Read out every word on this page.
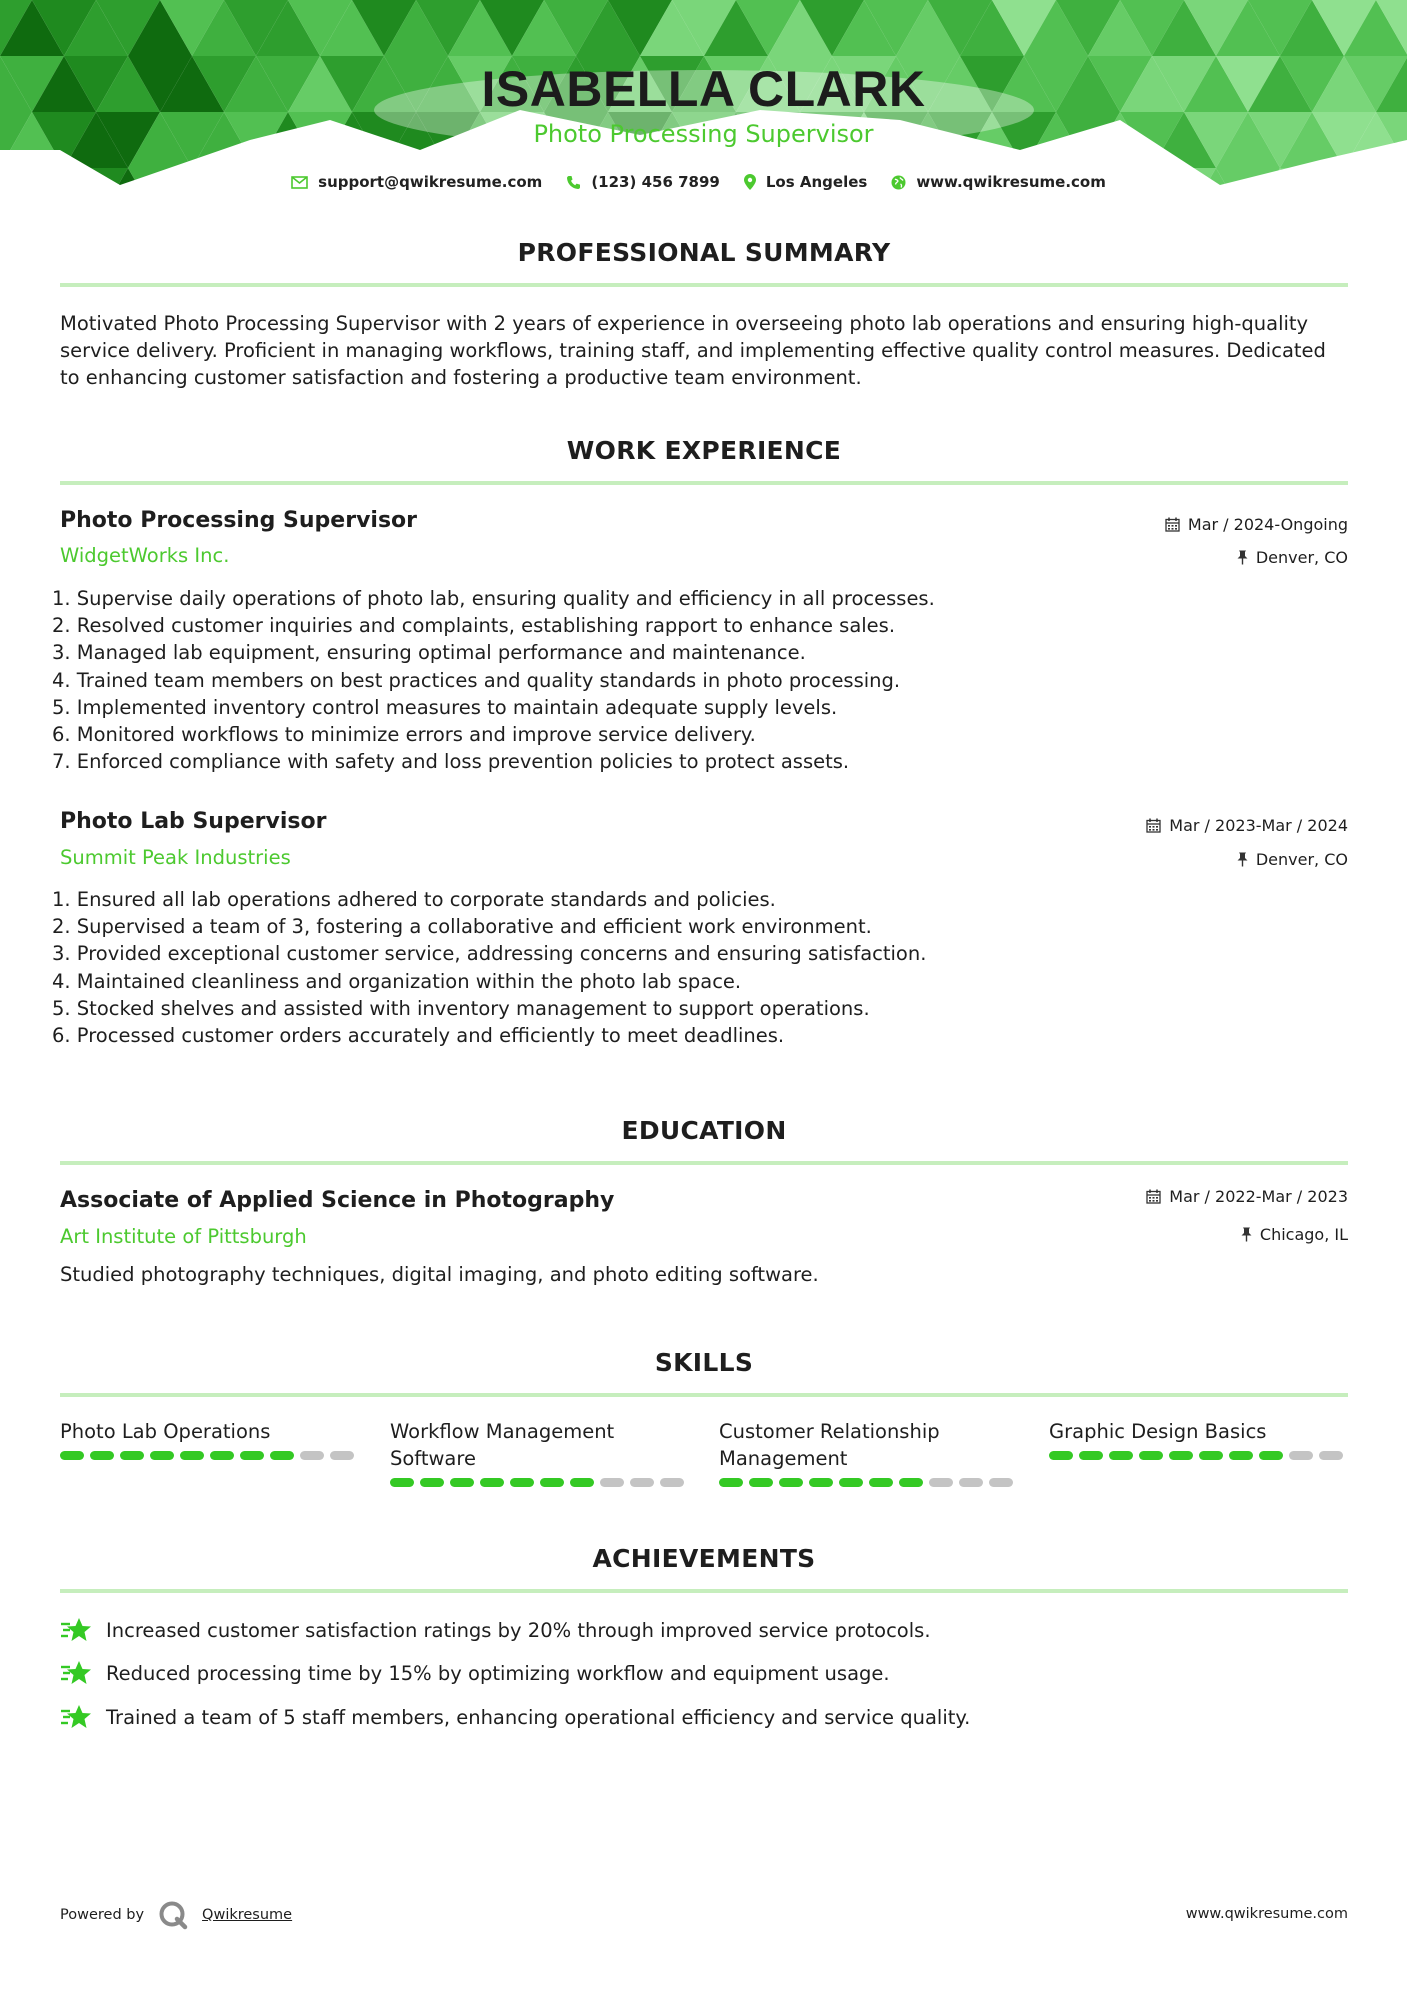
ISABELLA CLARK
Photo Processing Supervisor
support@qwikresume.com	(123) 456 7899	Los Angeles	www.qwikresume.com
PROFESSIONAL SUMMARY
Motivated Photo Processing Supervisor with 2 years of experience in overseeing photo lab operations and ensuring high-quality service delivery. Proficient in managing workflows, training staff, and implementing effective quality control measures. Dedicated to enhancing customer satisfaction and fostering a productive team environment.
WORK EXPERIENCE
Photo Processing Supervisor
WidgetWorks Inc.
Mar / 2024-Ongoing
Denver, CO
1. Supervise daily operations of photo lab, ensuring quality and efficiency in all processes.
2. Resolved customer inquiries and complaints, establishing rapport to enhance sales.
3. Managed lab equipment, ensuring optimal performance and maintenance.
4. Trained team members on best practices and quality standards in photo processing.
5. Implemented inventory control measures to maintain adequate supply levels.
6. Monitored workflows to minimize errors and improve service delivery.
7. Enforced compliance with safety and loss prevention policies to protect assets.
Photo Lab Supervisor
Summit Peak Industries
Mar / 2023-Mar / 2024
Denver, CO
1. Ensured all lab operations adhered to corporate standards and policies.
2. Supervised a team of 3, fostering a collaborative and efficient work environment.
3. Provided exceptional customer service, addressing concerns and ensuring satisfaction.
4. Maintained cleanliness and organization within the photo lab space.
5. Stocked shelves and assisted with inventory management to support operations.
6. Processed customer orders accurately and efficiently to meet deadlines.
EDUCATION
Associate of Applied Science in Photography
Art Institute of Pittsburgh
Mar / 2022-Mar / 2023
Chicago, IL
Studied photography techniques, digital imaging, and photo editing software.
SKILLS
Photo Lab Operations	Workflow Management Software
Customer Relationship Management
Graphic Design Basics
ACHIEVEMENTS
Increased customer satisfaction ratings by 20% through improved service protocols.
Reduced processing time by 15% by optimizing workflow and equipment usage.
Trained a team of 5 staff members, enhancing operational efficiency and service quality.
Powered by	Qwikresume	www.qwikresume.com
